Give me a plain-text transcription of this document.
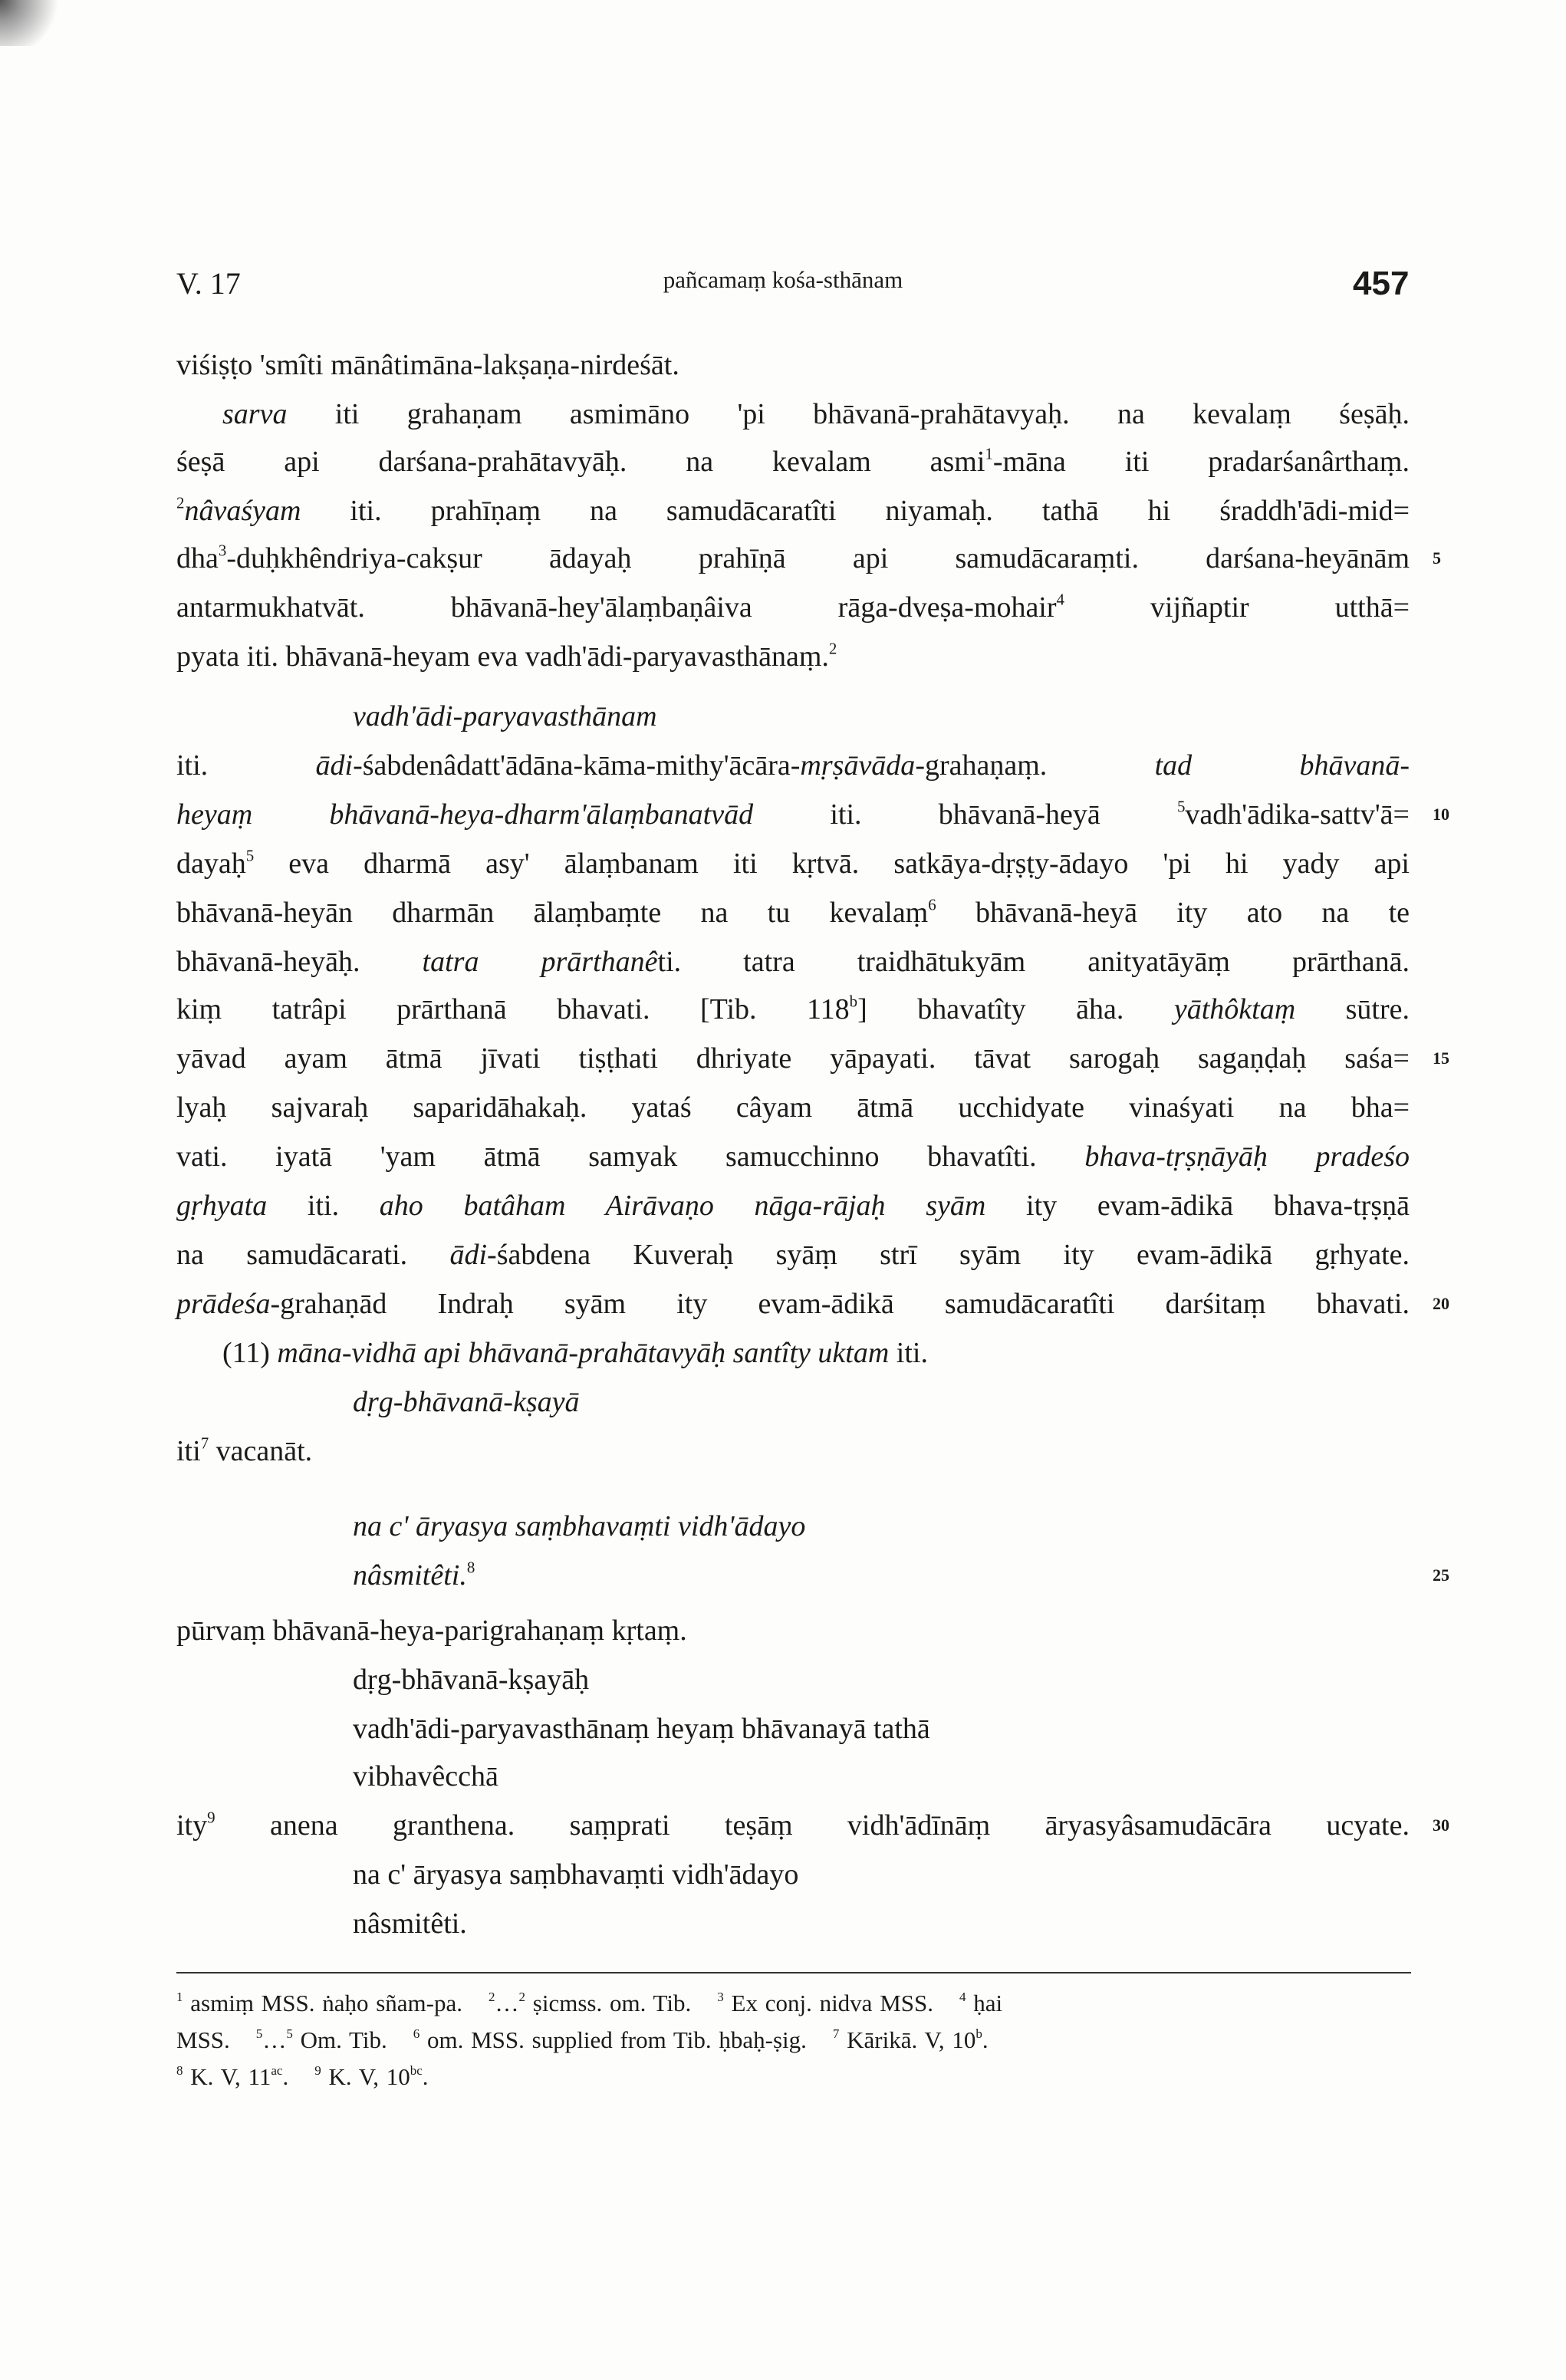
V. 17	pañcamaṃ kośa-sthānam	457
viśiṣṭo 'smîti mānâtimāna-lakṣaṇa-nirdeśāt.
sarva iti grahaṇam asmimāno 'pi bhāvanā-prahātavyaḥ. na kevalaṃ śeṣāḥ.
śeṣā api darśana-prahātavyāḥ. na kevalam asmi$^1$-māna iti pradarśanârthaṃ.
$^2$nâvaśyam iti. prahīṇaṃ na samudācaratîti niyamaḥ. tathā hi śraddh'ādi-mid=
dha$^3$-duḥkhêndriya-cakṣur ādayaḥ prahīṇā api samudācaraṃti. darśana-heyānām
antarmukhatvāt. bhāvanā-hey'ālaṃbaṇâiva rāga-dveṣa-mohair$^4$ vijñaptir utthā=
pyata iti. bhāvanā-heyam eva vadh'ādi-paryavasthānaṃ.$^2$
vadh'ādi-paryavasthānam
iti. ādi-śabdenâdatt'ādāna-kāma-mithy'ācāra-mṛṣāvāda-grahaṇaṃ. tad bhāvanā-
heyaṃ bhāvanā-heya-dharm'ālaṃbanatvād iti. bhāvanā-heyā $^5$vadh'ādika-sattv'ā=
dayaḥ$^5$ eva dharmā asy' ālaṃbanam iti kṛtvā. satkāya-dṛṣṭy-ādayo 'pi hi yady api
bhāvanā-heyān dharmān ālaṃbaṃte na tu kevalaṃ$^6$ bhāvanā-heyā ity ato na te
bhāvanā-heyāḥ. tatra prārthanêti. tatra traidhātukyām anityatāyāṃ prārthanā.
kiṃ tatrâpi prārthanā bhavati. [Tib. 118$^b$] bhavatîty āha. yāthôktaṃ sūtre.
yāvad ayam ātmā jīvati tiṣṭhati dhriyate yāpayati. tāvat sarogaḥ sagaṇḍaḥ saśa=
lyaḥ sajvaraḥ saparidāhakaḥ. yataś câyam ātmā ucchidyate vinaśyati na bha=
vati. iyatā 'yam ātmā samyak samucchinno bhavatîti. bhava-tṛṣṇāyāḥ pradeśo
gṛhyata iti. aho batâham Airāvaṇo nāga-rājaḥ syām ity evam-ādikā bhava-tṛṣṇā
na samudācarati. ādi-śabdena Kuveraḥ syāṃ strī syām ity evam-ādikā gṛhyate.
prādeśa-grahaṇād Indraḥ syām ity evam-ādikā samudācaratîti darśitaṃ bhavati.
(11) māna-vidhā api bhāvanā-prahātavyāḥ santîty uktam iti.
dṛg-bhāvanā-kṣayā
iti$^7$ vacanāt.
na c' āryasya saṃbhavaṃti vidh'ādayo
nâsmitêti.$^8$
pūrvaṃ bhāvanā-heya-parigrahaṇaṃ kṛtaṃ.
dṛg-bhāvanā-kṣayāḥ
vadh'ādi-paryavasthānaṃ heyaṃ bhāvanayā tathā
vibhavêcchā
ity$^9$ anena granthena. saṃprati teṣāṃ vidh'ādīnāṃ āryasyâsamudācāra ucyate.
na c' āryasya saṃbhavaṃti vidh'ādayo
nâsmitêti.
5
10
15
20
25
30
$^1$ asmiṃ MSS. ṅaḥo sñam-pa. $^2$…$^2$ ṣicmss. om. Tib. $^3$ Ex conj. nidva MSS. $^4$ ḥai
MSS. $^5$…$^5$ Om. Tib. $^6$ om. MSS. supplied from Tib. ḥbaḥ-ṣig. $^7$ Kārikā. V, 10$^b$.
$^8$ K. V, $11^{ac}$. $^9$ K. V, $10^{bc}$.
